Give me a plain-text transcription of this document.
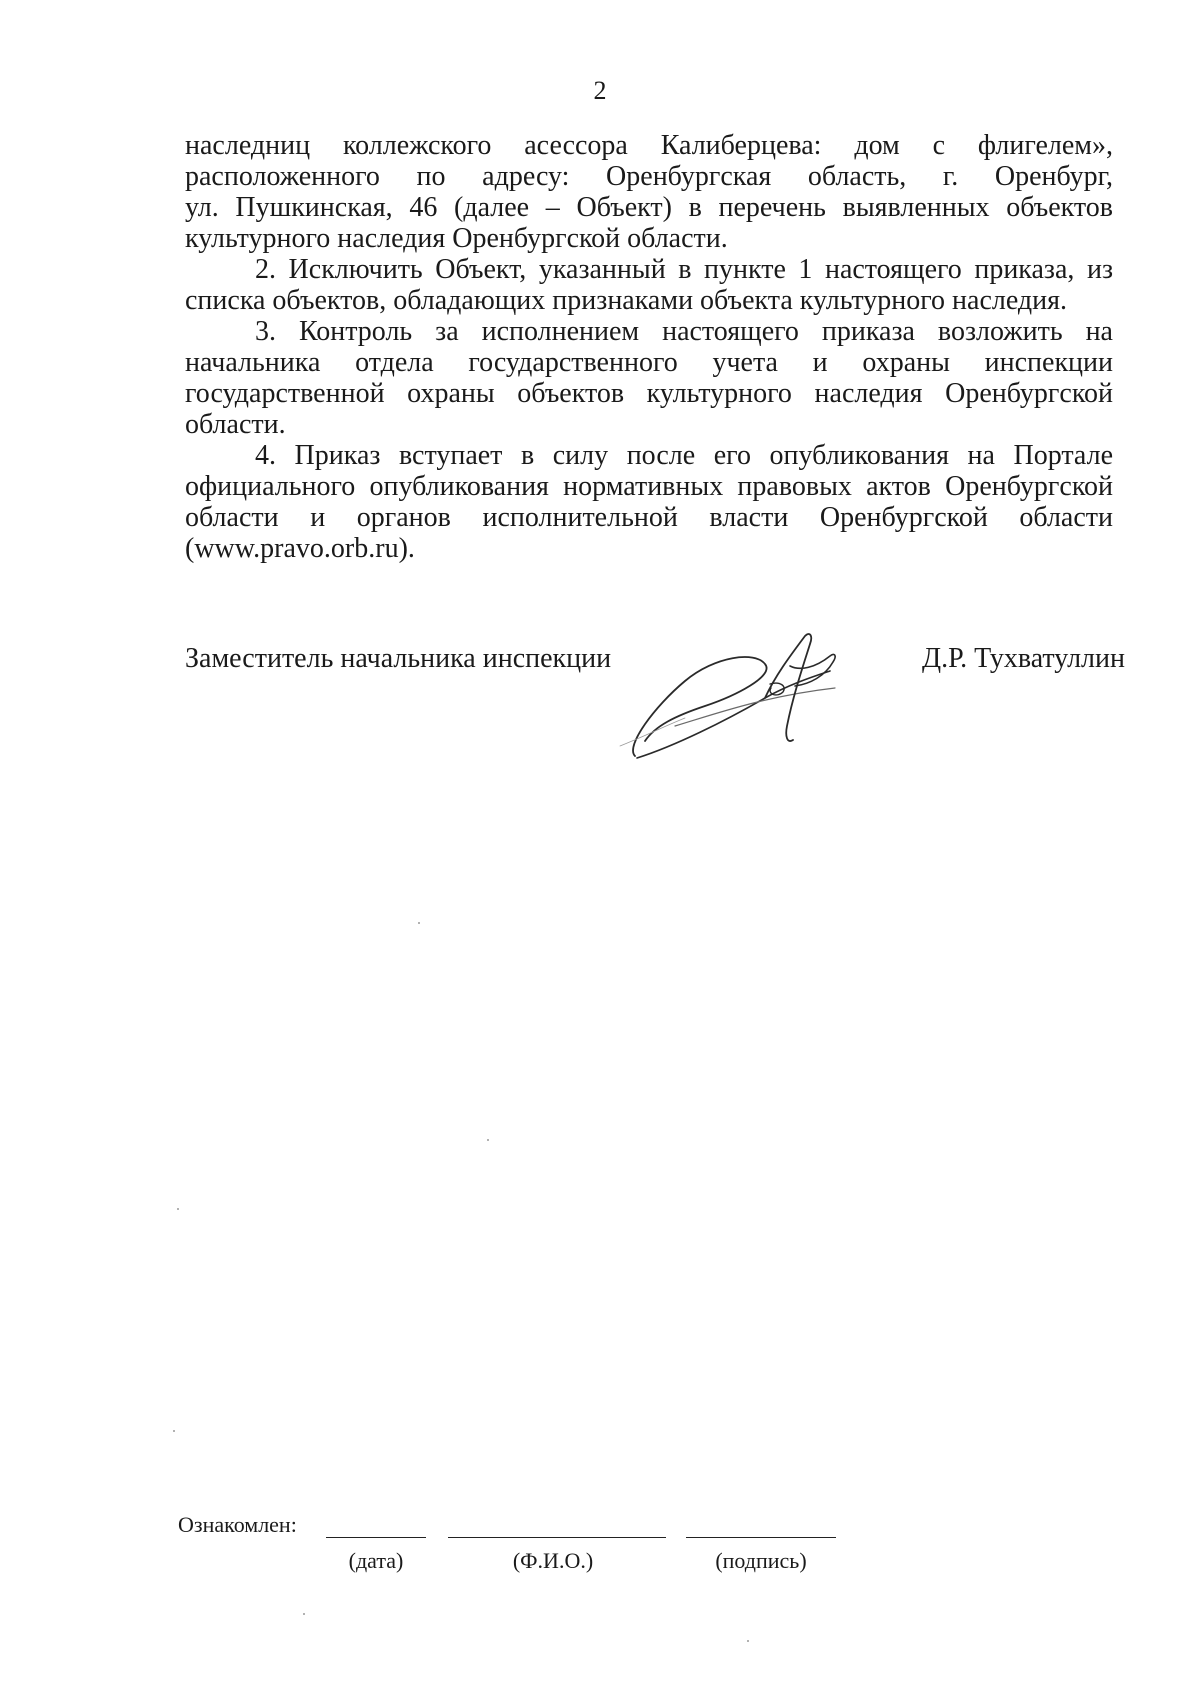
2
наследниц коллежского асессора Калиберцева: дом с флигелем»,
расположенного по адресу: Оренбургская область, г. Оренбург,
ул. Пушкинская, 46 (далее – Объект) в перечень выявленных объектов
культурного наследия Оренбургской области.
2. Исключить Объект, указанный в пункте 1 настоящего приказа, из
списка объектов, обладающих признаками объекта культурного наследия.
3. Контроль за исполнением настоящего приказа возложить на
начальника отдела государственного учета и охраны инспекции
государственной охраны объектов культурного наследия Оренбургской
области.
4. Приказ вступает в силу после его опубликования на Портале
официального опубликования нормативных правовых актов Оренбургской
области и органов исполнительной власти Оренбургской области
(www.pravo.orb.ru).
Заместитель начальника инспекции	Д.Р. Тухватуллин
Ознакомлен:
(дата)	(Ф.И.О.)	(подпись)
